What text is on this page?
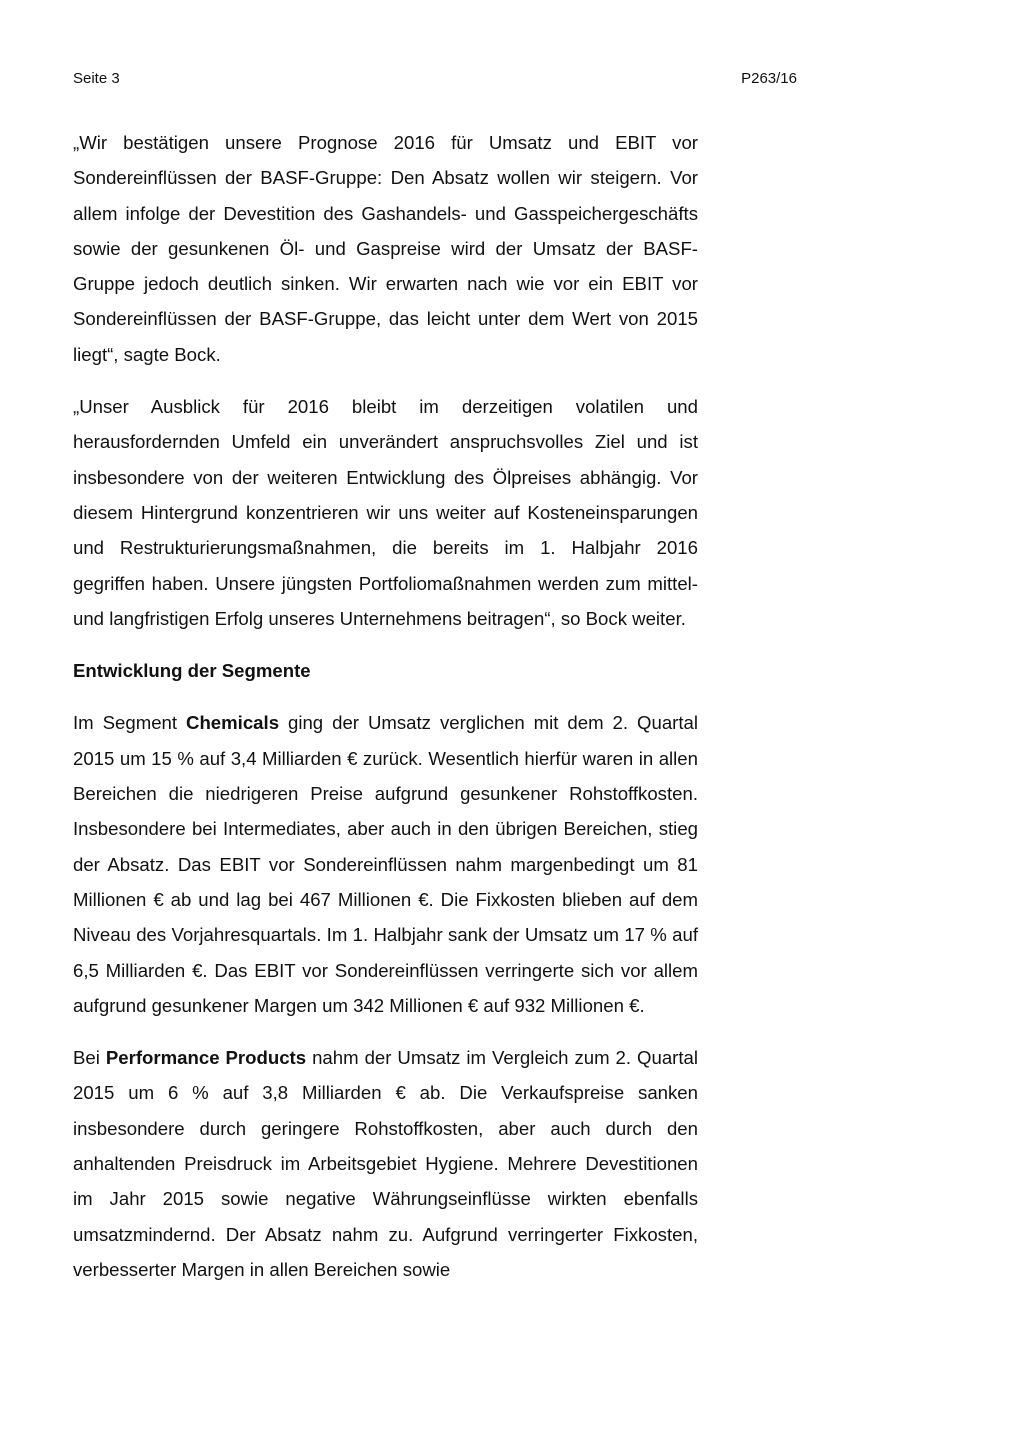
Seite 3	P263/16

„Wir bestätigen unsere Prognose 2016 für Umsatz und EBIT vor Sondereinflüssen der BASF-Gruppe: Den Absatz wollen wir steigern. Vor allem infolge der Devestition des Gashandels- und Gasspeichergeschäfts sowie der gesunkenen Öl- und Gaspreise wird der Umsatz der BASF-Gruppe jedoch deutlich sinken. Wir erwarten nach wie vor ein EBIT vor Sondereinflüssen der BASF-Gruppe, das leicht unter dem Wert von 2015 liegt“, sagte Bock.

„Unser Ausblick für 2016 bleibt im derzeitigen volatilen und herausfordernden Umfeld ein unverändert anspruchsvolles Ziel und ist insbesondere von der weiteren Entwicklung des Ölpreises abhängig. Vor diesem Hintergrund konzentrieren wir uns weiter auf Kosteneinsparungen und Restrukturierungsmaßnahmen, die bereits im 1. Halbjahr 2016 gegriffen haben. Unsere jüngsten Portfoliomaßnahmen werden zum mittel- und langfristigen Erfolg unseres Unternehmens beitragen“, so Bock weiter.

Entwicklung der Segmente

Im Segment Chemicals ging der Umsatz verglichen mit dem 2. Quartal 2015 um 15 % auf 3,4 Milliarden € zurück. Wesentlich hierfür waren in allen Bereichen die niedrigeren Preise aufgrund gesunkener Rohstoffkosten. Insbesondere bei Intermediates, aber auch in den übrigen Bereichen, stieg der Absatz. Das EBIT vor Sondereinflüssen nahm margenbedingt um 81 Millionen € ab und lag bei 467 Millionen €. Die Fixkosten blieben auf dem Niveau des Vorjahresquartals. Im 1. Halbjahr sank der Umsatz um 17 % auf 6,5 Milliarden €. Das EBIT vor Sondereinflüssen verringerte sich vor allem aufgrund gesunkener Margen um 342 Millionen € auf 932 Millionen €.

Bei Performance Products nahm der Umsatz im Vergleich zum 2. Quartal 2015 um 6 % auf 3,8 Milliarden € ab. Die Verkaufspreise sanken insbesondere durch geringere Rohstoffkosten, aber auch durch den anhaltenden Preisdruck im Arbeitsgebiet Hygiene. Mehrere Devestitionen im Jahr 2015 sowie negative Währungseinflüsse wirkten ebenfalls umsatzmindernd. Der Absatz nahm zu. Aufgrund verringerter Fixkosten, verbesserter Margen in allen Bereichen sowie
